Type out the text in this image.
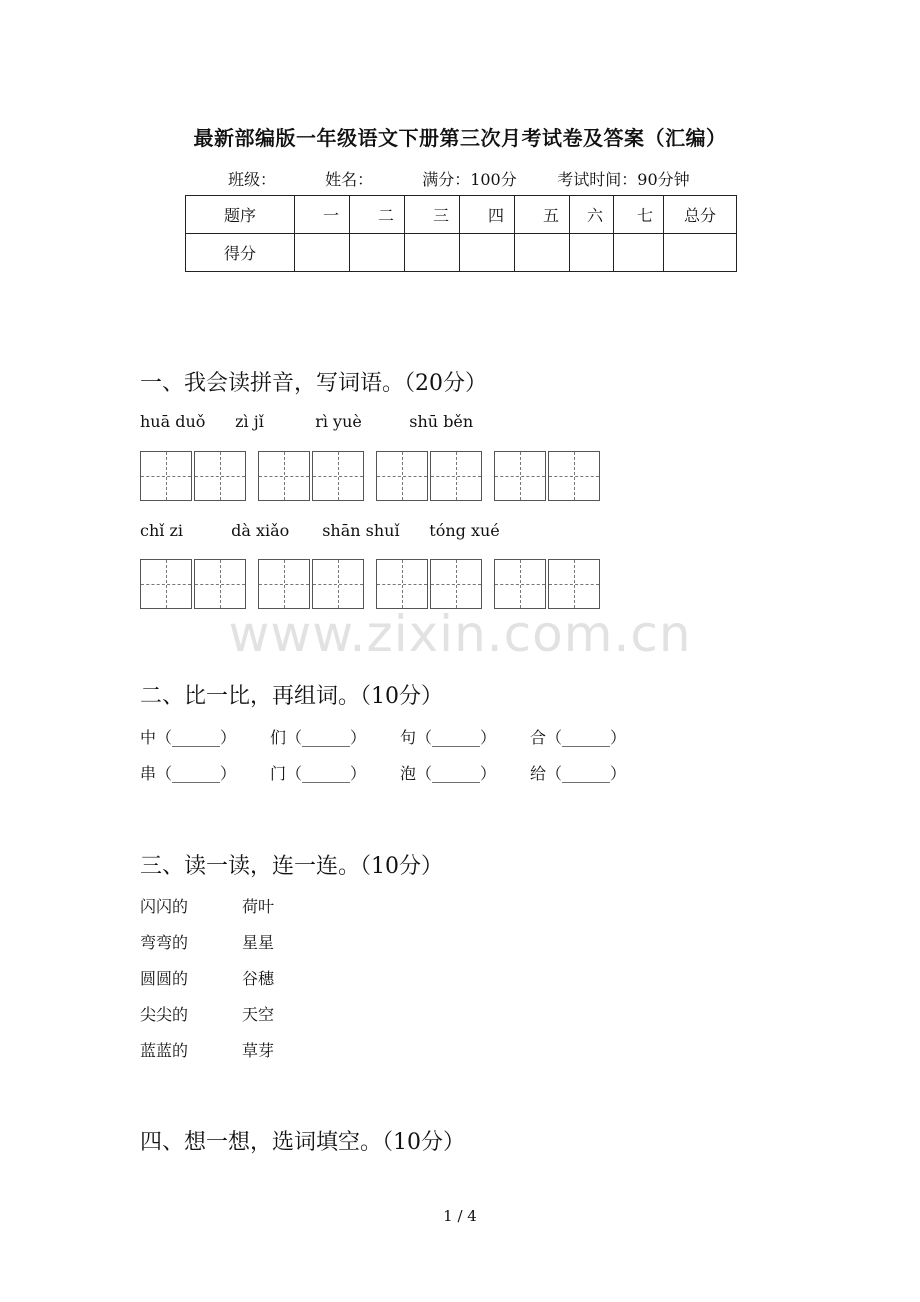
最新部编版一年级语文下册第三次月考试卷及答案（汇编）
班级：	姓名：	满分：100分	考试时间：90分钟
题序	一	二	三	四	五	六	七	总分
得分								
一、我会读拼音，写词语。（20分）
huā duǒ zì jǐ	rì yuè	shū běn
chǐ zi	dà xiǎo shān shuǐ tóng xué
www.zixin.com.cn
二、比一比，再组词。（10分）
中（______）	们（______）	句（______）	合（______）
串（______）	门（______）	泡（______）	给（______）
三、读一读，连一连。（10分）
闪闪的	荷叶
弯弯的	星星
圆圆的	谷穗
尖尖的	天空
蓝蓝的	草芽
四、想一想，选词填空。（10分）
1 / 4
